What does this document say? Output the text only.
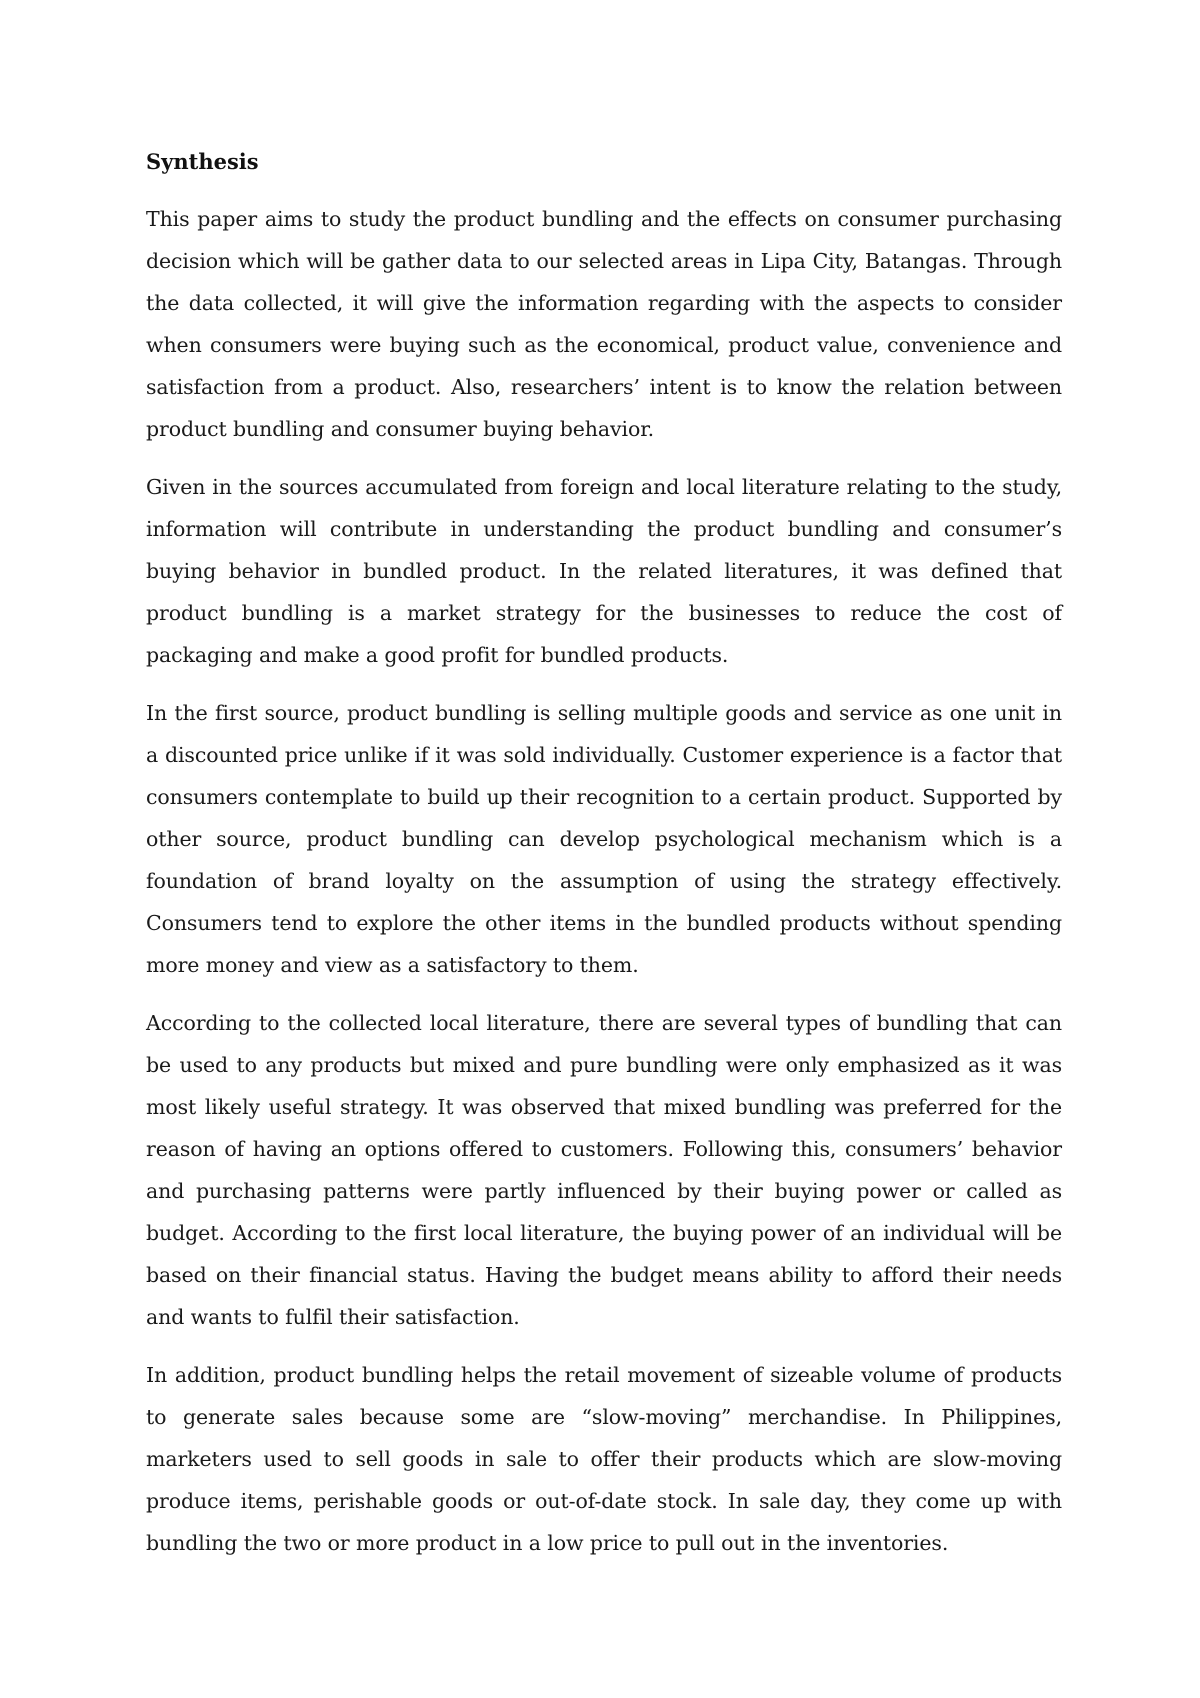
Synthesis

This paper aims to study the product bundling and the effects on consumer purchasing decision which will be gather data to our selected areas in Lipa City, Batangas. Through the data collected, it will give the information regarding with the aspects to consider when consumers were buying such as the economical, product value, convenience and satisfaction from a product. Also, researchers’ intent is to know the relation between product bundling and consumer buying behavior.

Given in the sources accumulated from foreign and local literature relating to the study, information will contribute in understanding the product bundling and consumer’s buying behavior in bundled product. In the related literatures, it was defined that product bundling is a market strategy for the businesses to reduce the cost of packaging and make a good profit for bundled products.

In the first source, product bundling is selling multiple goods and service as one unit in a discounted price unlike if it was sold individually. Customer experience is a factor that consumers contemplate to build up their recognition to a certain product. Supported by other source, product bundling can develop psychological mechanism which is a foundation of brand loyalty on the assumption of using the strategy effectively. Consumers tend to explore the other items in the bundled products without spending more money and view as a satisfactory to them.

According to the collected local literature, there are several types of bundling that can be used to any products but mixed and pure bundling were only emphasized as it was most likely useful strategy. It was observed that mixed bundling was preferred for the reason of having an options offered to customers. Following this, consumers’ behavior and purchasing patterns were partly influenced by their buying power or called as budget. According to the first local literature, the buying power of an individual will be based on their financial status. Having the budget means ability to afford their needs and wants to fulfil their satisfaction.

In addition, product bundling helps the retail movement of sizeable volume of products to generate sales because some are “slow-moving” merchandise. In Philippines, marketers used to sell goods in sale to offer their products which are slow-moving produce items, perishable goods or out-of-date stock. In sale day, they come up with bundling the two or more product in a low price to pull out in the inventories.
